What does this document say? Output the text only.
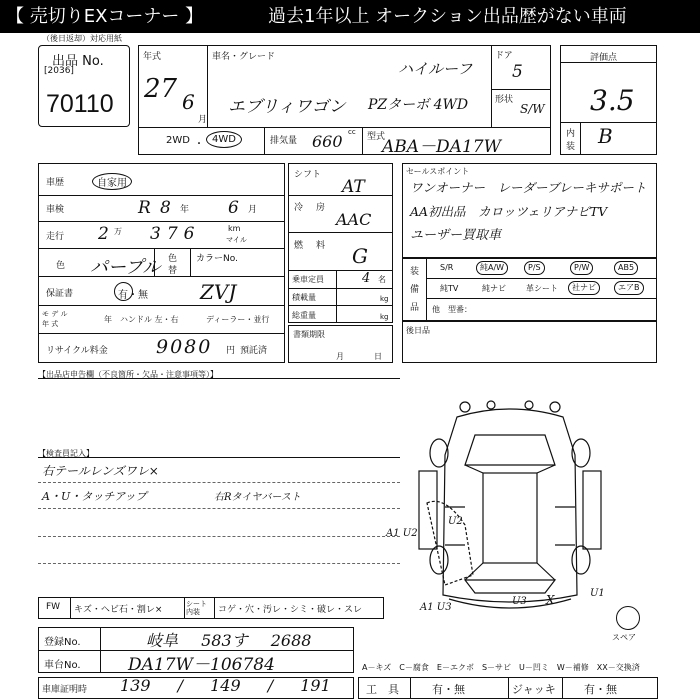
【 売切りEXコーナー 】	過去1年以上 オークション出品歴がない車両
（後日返却）対応用紙
出品 No.
[2036]
70110
年式
27 6
月
車名・グレード
ハイルーフ
エブリィワゴン PZターボ 4WD
ドア
5
形状
S/W
2WD ・ 4WD	排気量 660 cc 型式
ABA－DA17W
評価点
3.5
内
装 B
車歴	自家用
車検	R 8 年 6 月
走行 2 万 376	km
マイル
色 パープル 色
替
カラーNo.
保証書	有・無	ZVJ
モ デ ル
年 式	年 ハンドル 左・右	ディーラー・並行
リサイクル料金	9080 円 預託済
シフト
AT
冷 房
AAC
燃 料 G
乗車定員	4 名
積載量	kg
総重量	kg
書類期限
月	日
セールスポイント
ワンオーナー　レーダーブレーキサポート
AA初出品　カロッツェリアナビTV
ユーザー買取車
装
備
品
S/R	純A/W	P/S	P/W	AB5
純TV	純ナビ	革シート	社ナビ	エアB
他 型番：
後日品
【出品店申告欄（不良箇所・欠品・注意事項等）】
【検査員記入】
右テールレンズワレ×
A・U・タッチアップ	右Rタイヤバースト
A1 U2
U2
A1 U3
U3 X	U1
スペア
FW キズ・ヘビ石・割レ×
シート内装	コゲ・穴・汚レ・シミ・破レ・スレ
登録No.	岐阜 583す 2688
車台No.	DA17W－106784
車庫証明時 139 / 149 / 191
A－キズ　C－腐食　E－エクボ　S－サビ　U－凹ミ　W－補修　XX－交換済
工　具	有・無	ジャッキ	有・無
